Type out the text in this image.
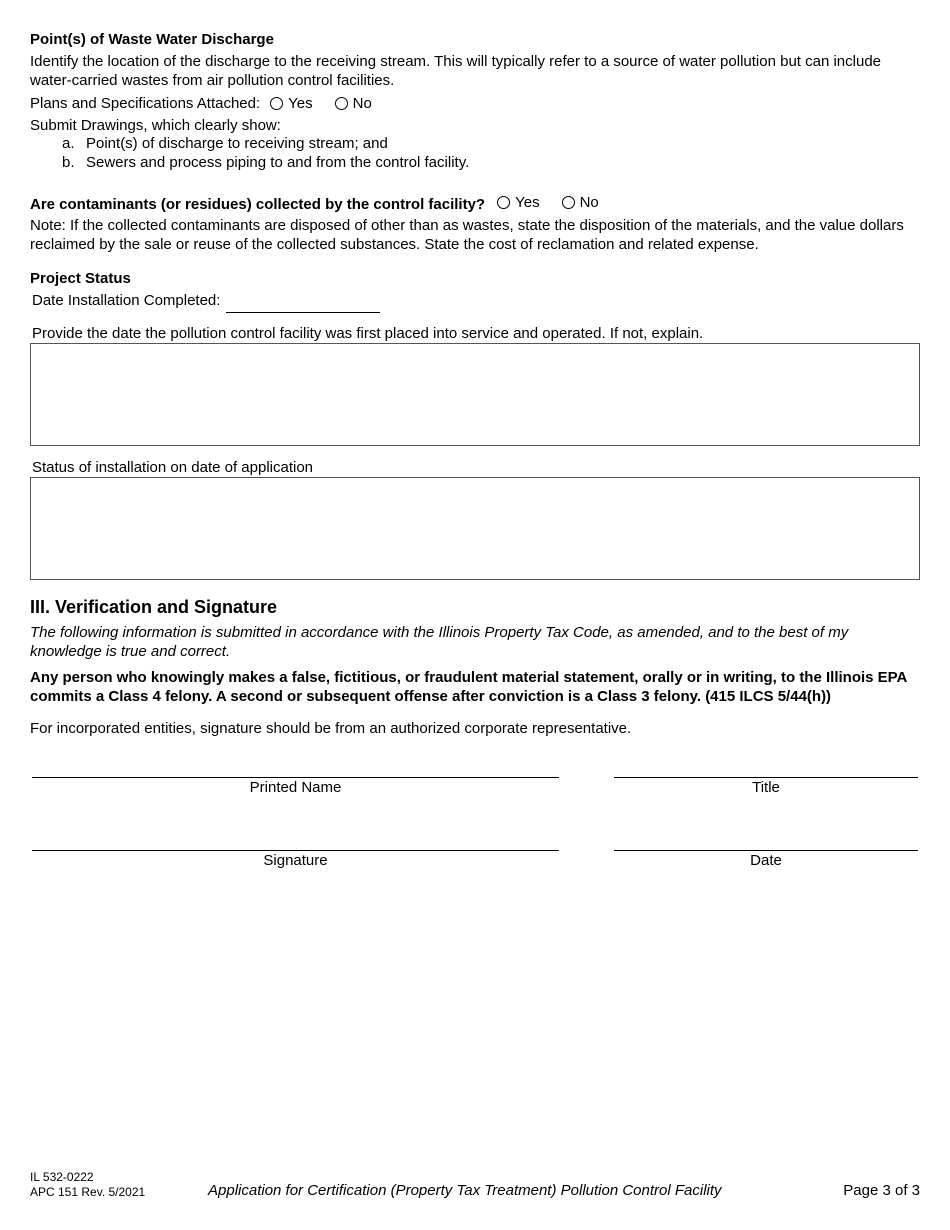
Point(s) of Waste Water Discharge
Identify the location of the discharge to the receiving stream. This will typically refer to a source of water pollution but can include water-carried wastes from air pollution control facilities.
Plans and Specifications Attached: Yes	No
Submit Drawings, which clearly show:
a. Point(s) of discharge to receiving stream; and
b. Sewers and process piping to and from the control facility.
Are contaminants (or residues) collected by the control facility? Yes	No
Note: If the collected contaminants are disposed of other than as wastes, state the disposition of the materials, and the value dollars reclaimed by the sale or reuse of the collected substances. State the cost of reclamation and related expense.
Project Status
Date Installation Completed:
Provide the date the pollution control facility was first placed into service and operated. If not, explain.
Status of installation on date of application
III. Verification and Signature
The following information is submitted in accordance with the Illinois Property Tax Code, as amended, and to the best of my knowledge is true and correct.
Any person who knowingly makes a false, fictitious, or fraudulent material statement, orally or in writing, to the Illinois EPA commits a Class 4 felony. A second or subsequent offense after conviction is a Class 3 felony. (415 ILCS 5/44(h))
For incorporated entities, signature should be from an authorized corporate representative.
Printed Name	Title
Signature	Date
IL 532-0222
APC 151 Rev. 5/2021	Application for Certification (Property Tax Treatment) Pollution Control Facility	Page 3 of 3
